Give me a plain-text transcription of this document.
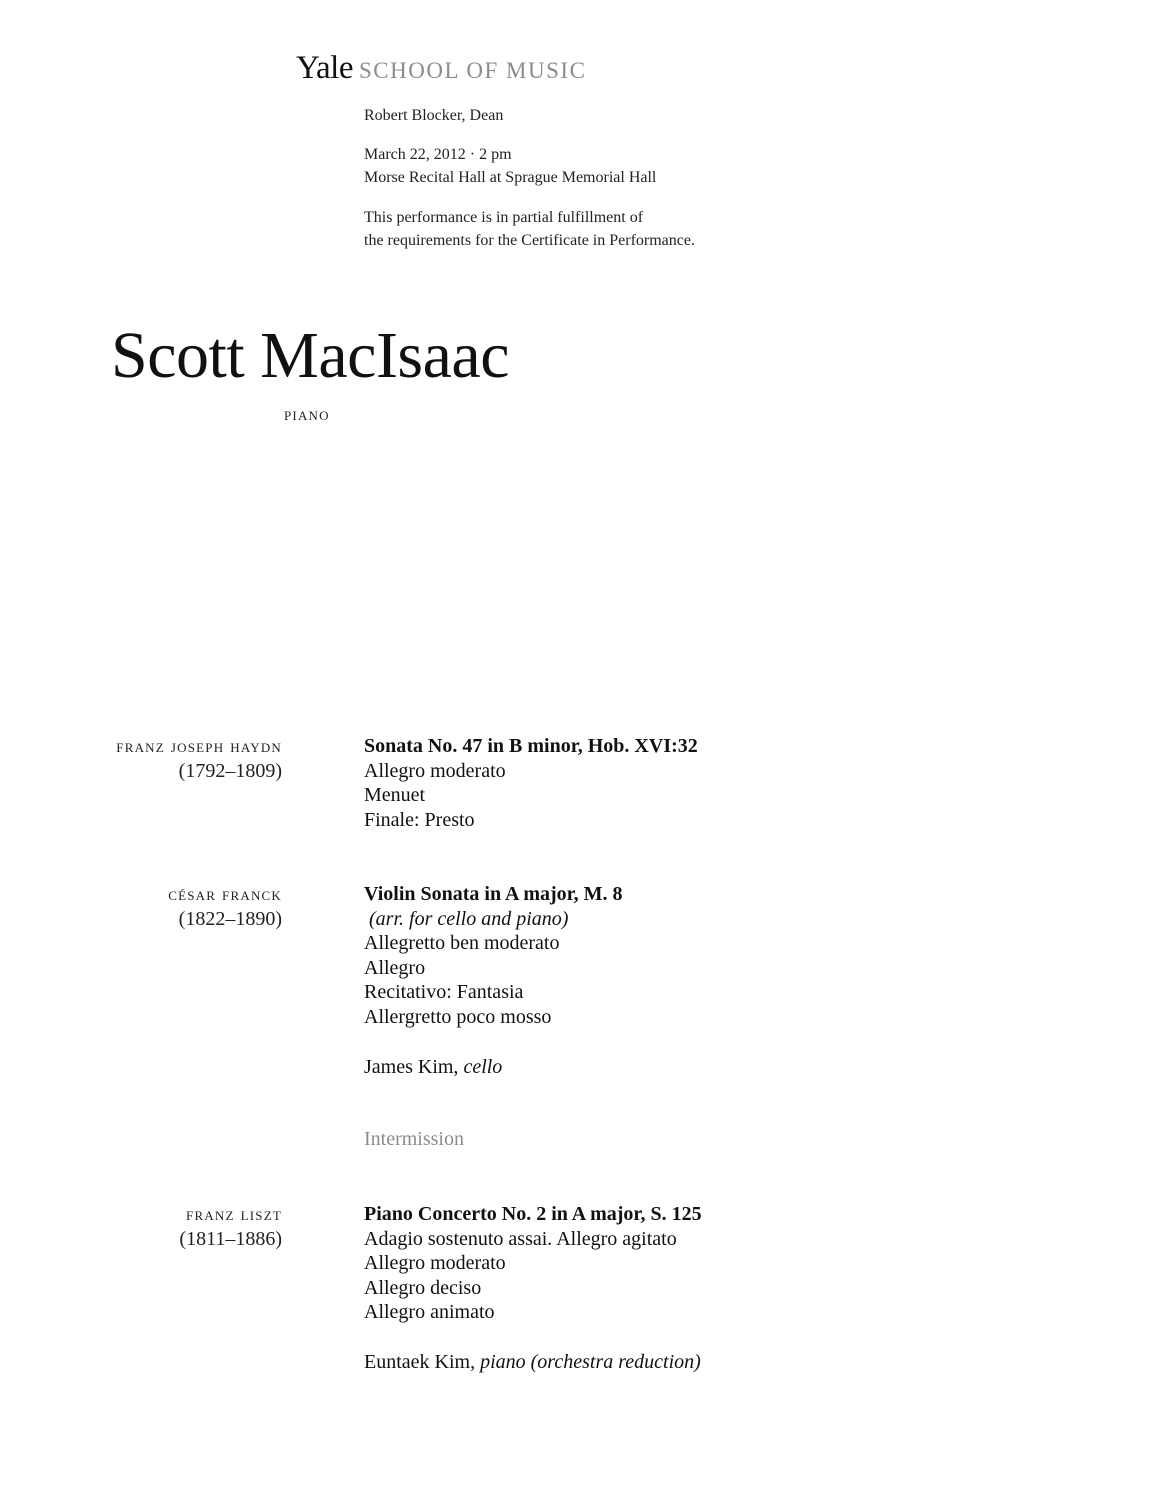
Yale SCHOOL OF MUSIC
Robert Blocker, Dean
March 22, 2012 · 2 pm
Morse Recital Hall at Sprague Memorial Hall
This performance is in partial fulfillment of
the requirements for the Certificate in Performance.
Scott MacIsaac
piano
franz joseph haydn
(1792–1809)
Sonata No. 47 in B minor, Hob. XVI:32
Allegro moderato
Menuet
Finale: Presto
césar franck
(1822–1890)
Violin Sonata in A major, M. 8
(arr. for cello and piano)
Allegretto ben moderato
Allegro
Recitativo: Fantasia
Allergretto poco mosso
James Kim, cello
Intermission
franz liszt
(1811–1886)
Piano Concerto No. 2 in A major, S. 125
Adagio sostenuto assai. Allegro agitato
Allegro moderato
Allegro deciso
Allegro animato
Euntaek Kim, piano (orchestra reduction)
